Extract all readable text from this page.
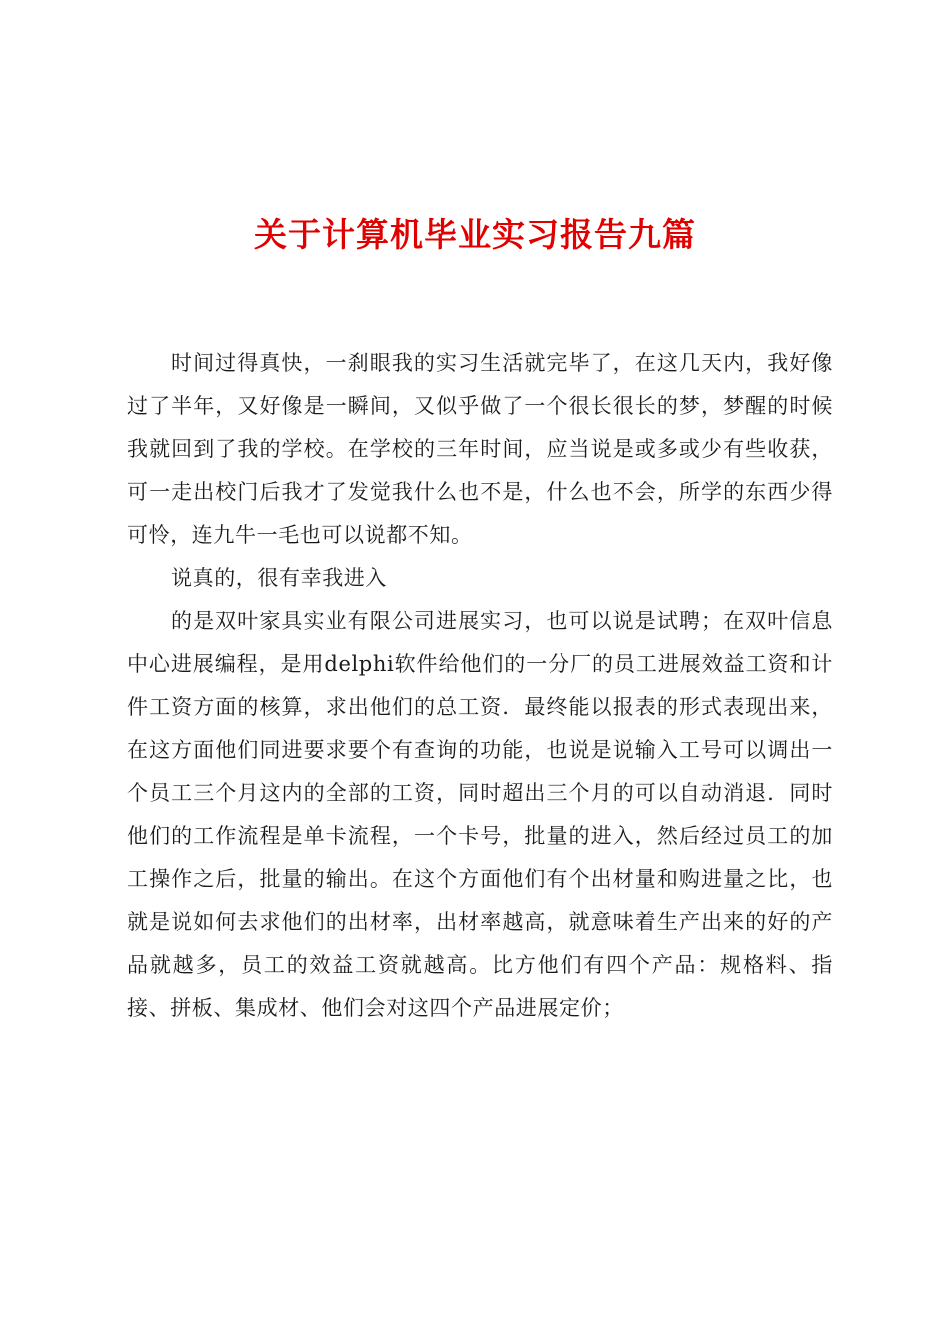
关于计算机毕业实习报告九篇

时间过得真快，一刹眼我的实习生活就完毕了，在这几天内，我好像过了半年，又好像是一瞬间，又似乎做了一个很长很长的梦，梦醒的时候我就回到了我的学校。在学校的三年时间，应当说是或多或少有些收获，可一走出校门后我才了发觉我什么也不是，什么也不会，所学的东西少得可怜，连九牛一毛也可以说都不知。

说真的，很有幸我进入

的是双叶家具实业有限公司进展实习，也可以说是试聘；在双叶信息中心进展编程，是用delphi软件给他们的一分厂的员工进展效益工资和计件工资方面的核算，求出他们的总工资．最终能以报表的形式表现出来，在这方面他们同进要求要个有查询的功能，也说是说输入工号可以调出一个员工三个月这内的全部的工资，同时超出三个月的可以自动消退．同时他们的工作流程是单卡流程，一个卡号，批量的进入，然后经过员工的加工操作之后，批量的输出。在这个方面他们有个出材量和购进量之比，也就是说如何去求他们的出材率，出材率越高，就意味着生产出来的好的产品就越多，员工的效益工资就越高。比方他们有四个产品：规格料、指接、拼板、集成材、他们会对这四个产品进展定价；
